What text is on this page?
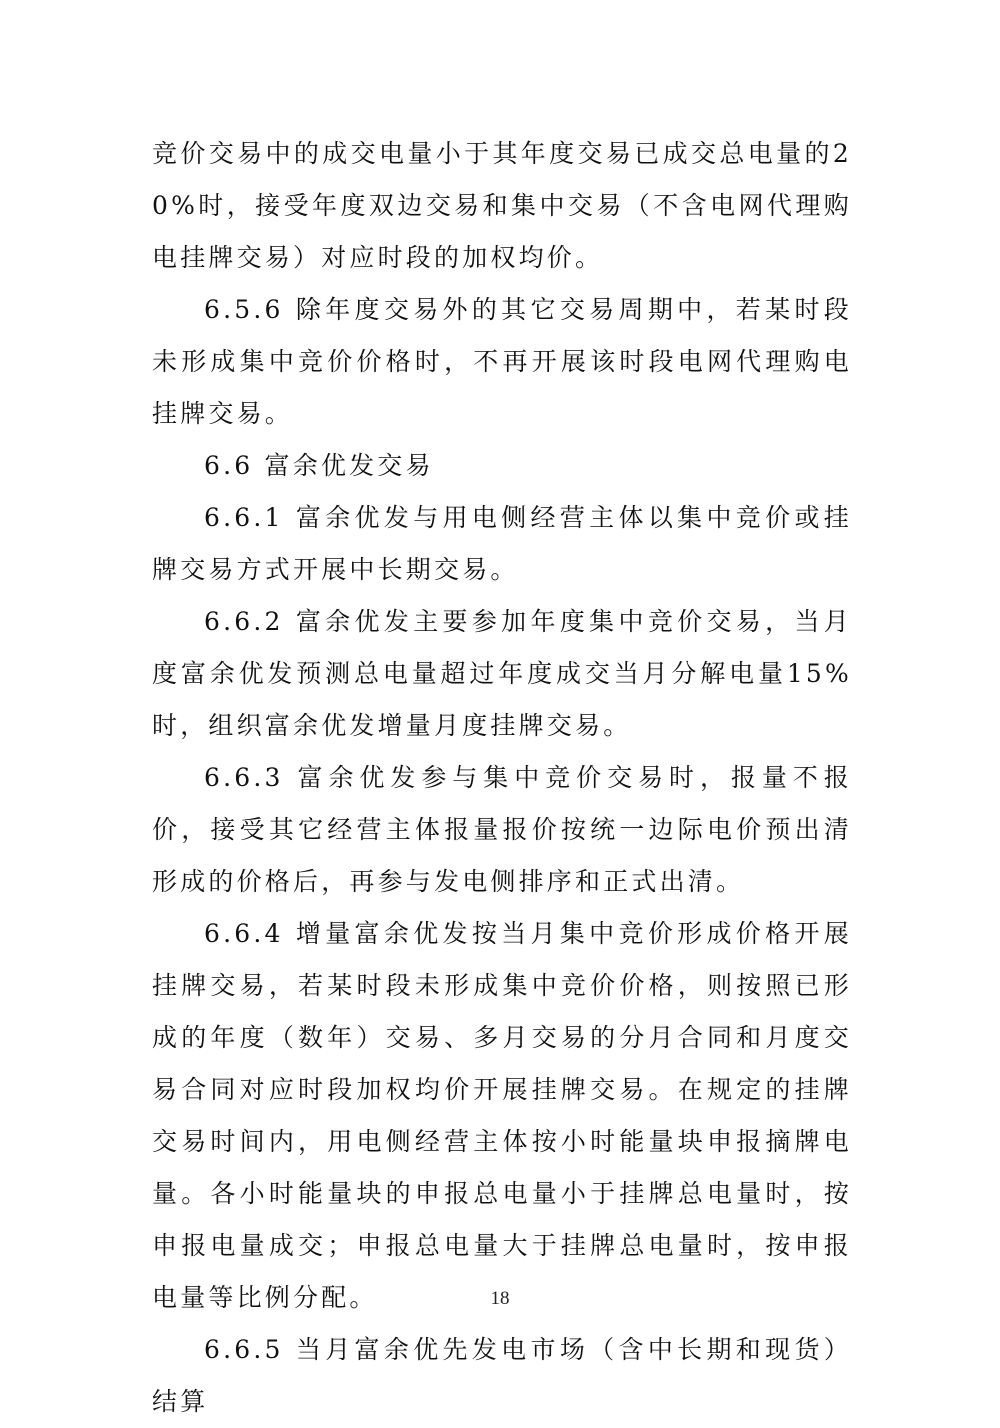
竞价交易中的成交电量小于其年度交易已成交总电量的20%时，接受年度双边交易和集中交易（不含电网代理购电挂牌交易）对应时段的加权均价。

6.5.6 除年度交易外的其它交易周期中，若某时段未形成集中竞价价格时，不再开展该时段电网代理购电挂牌交易。

6.6 富余优发交易

6.6.1 富余优发与用电侧经营主体以集中竞价或挂牌交易方式开展中长期交易。

6.6.2 富余优发主要参加年度集中竞价交易，当月度富余优发预测总电量超过年度成交当月分解电量15%时，组织富余优发增量月度挂牌交易。

6.6.3 富余优发参与集中竞价交易时，报量不报价，接受其它经营主体报量报价按统一边际电价预出清形成的价格后，再参与发电侧排序和正式出清。

6.6.4 增量富余优发按当月集中竞价形成价格开展挂牌交易，若某时段未形成集中竞价价格，则按照已形成的年度（数年）交易、多月交易的分月合同和月度交易合同对应时段加权均价开展挂牌交易。在规定的挂牌交易时间内，用电侧经营主体按小时能量块申报摘牌电量。各小时能量块的申报总电量小于挂牌总电量时，按申报电量成交；申报总电量大于挂牌总电量时，按申报电量等比例分配。

6.6.5 当月富余优先发电市场（含中长期和现货）结算

18
